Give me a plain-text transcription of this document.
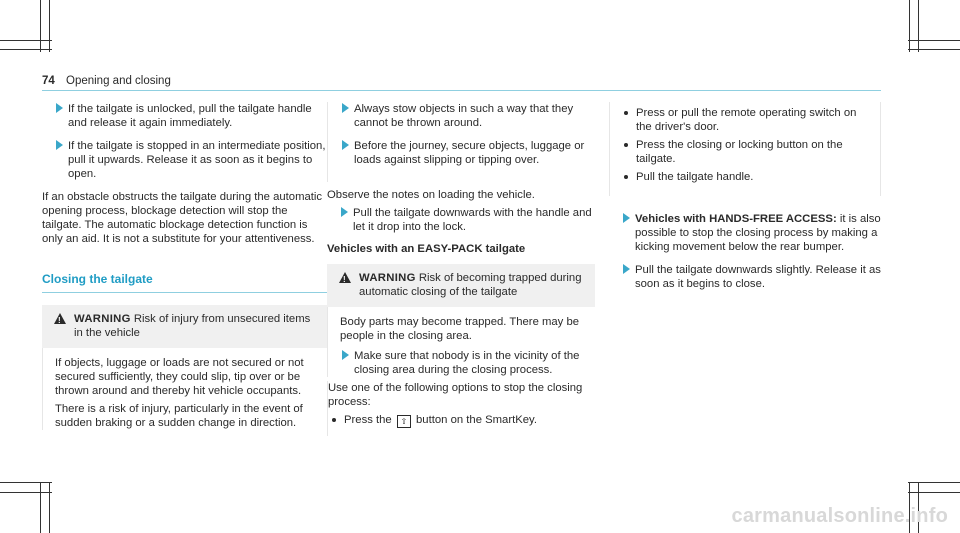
74 Opening and closing

If the tailgate is unlocked, pull the tailgate handle and release it again immediately.

If the tailgate is stopped in an intermediate position, pull it upwards. Release it as soon as it begins to open.

If an obstacle obstructs the tailgate during the automatic opening process, blockage detection will stop the tailgate. The automatic blockage detection function is only an aid. It is not a substitute for your attentiveness.

Closing the tailgate
!
WARNING Risk of injury from unsecured items in the vehicle

If objects, luggage or loads are not secured or not secured sufficiently, they could slip, tip over or be thrown around and thereby hit vehicle occupants.

There is a risk of injury, particularly in the event of sudden braking or a sudden change in direction.

Always stow objects in such a way that they cannot be thrown around.

Before the journey, secure objects, luggage or loads against slipping or tipping over.

Observe the notes on loading the vehicle.

Pull the tailgate downwards with the handle and let it drop into the lock.

Vehicles with an EASY-PACK tailgate
!
WARNING Risk of becoming trapped during automatic closing of the tailgate

Body parts may become trapped. There may be people in the closing area.

Make sure that nobody is in the vicinity of the closing area during the closing process.

Use one of the following options to stop the closing process:

Press the ⇧ button on the SmartKey.
Press or pull the remote operating switch on the driver's door.
Press the closing or locking button on the tailgate.
Pull the tailgate handle.

Vehicles with HANDS-FREE ACCESS: it is also possible to stop the closing process by making a kicking movement below the rear bumper.

Pull the tailgate downwards slightly. Release it as soon as it begins to close.

carmanualsonline.info
